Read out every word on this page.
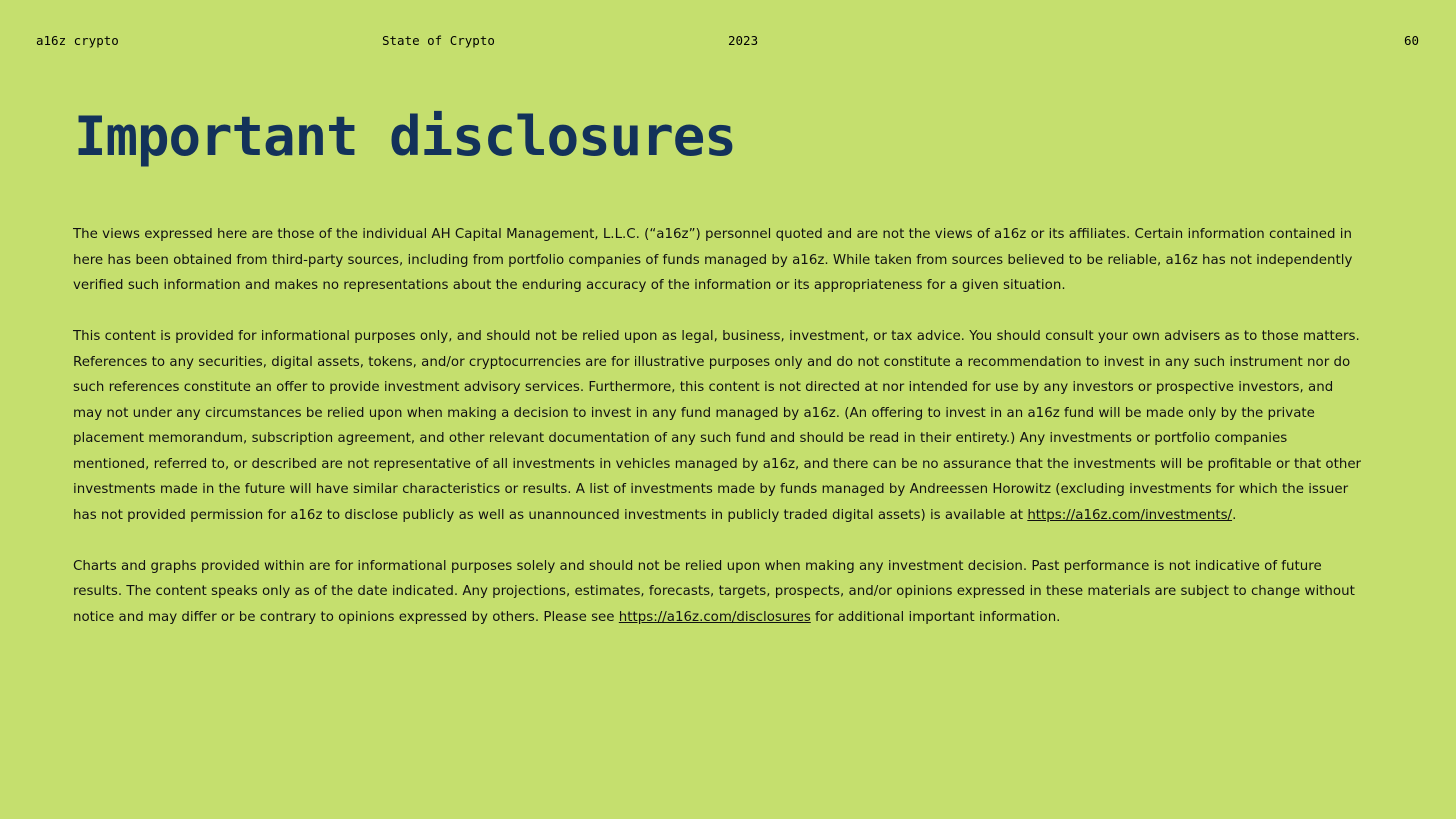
a16z crypto	State of Crypto	2023	60
Important disclosures

The views expressed here are those of the individual AH Capital Management, L.L.C. (“a16z”) personnel quoted and are not the views of a16z or its affiliates. Certain information contained in here has been obtained from third-party sources, including from portfolio companies of funds managed by a16z. While taken from sources believed to be reliable, a16z has not independently verified such information and makes no representations about the enduring accuracy of the information or its appropriateness for a given situation.

This content is provided for informational purposes only, and should not be relied upon as legal, business, investment, or tax advice. You should consult your own advisers as to those matters. References to any securities, digital assets, tokens, and/or cryptocurrencies are for illustrative purposes only and do not constitute a recommendation to invest in any such instrument nor do such references constitute an offer to provide investment advisory services. Furthermore, this content is not directed at nor intended for use by any investors or prospective investors, and may not under any circumstances be relied upon when making a decision to invest in any fund managed by a16z. (An offering to invest in an a16z fund will be made only by the private placement memorandum, subscription agreement, and other relevant documentation of any such fund and should be read in their entirety.) Any investments or portfolio companies mentioned, referred to, or described are not representative of all investments in vehicles managed by a16z, and there can be no assurance that the investments will be profitable or that other investments made in the future will have similar characteristics or results. A list of investments made by funds managed by Andreessen Horowitz (excluding investments for which the issuer has not provided permission for a16z to disclose publicly as well as unannounced investments in publicly traded digital assets) is available at https://a16z.com/investments/.

Charts and graphs provided within are for informational purposes solely and should not be relied upon when making any investment decision. Past performance is not indicative of future results. The content speaks only as of the date indicated. Any projections, estimates, forecasts, targets, prospects, and/or opinions expressed in these materials are subject to change without notice and may differ or be contrary to opinions expressed by others. Please see https://a16z.com/disclosures for additional important information.
